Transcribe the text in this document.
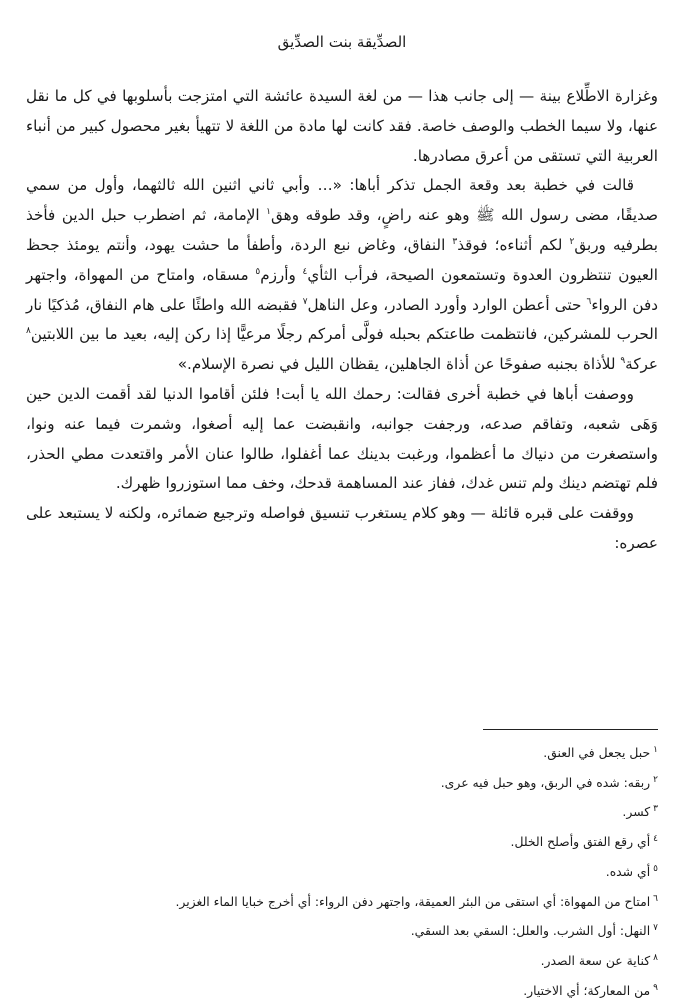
الصدِّيقة بنت الصدِّيق

وغزارة الاطِّلاع بينة — إلى جانب هذا — من لغة السيدة عائشة التي امتزجت بأسلوبها في كل ما نقل عنها، ولا سيما الخطب والوصف خاصة. فقد كانت لها مادة من اللغة لا تتهيأ بغير محصول كبير من أنباء العربية التي تستقى من أعرق مصادرها.

قالت في خطبة بعد وقعة الجمل تذكر أباها: «… وأبي ثاني اثنين الله ثالثهما، وأول من سمي صديقًا، مضى رسول الله ﷺ وهو عنه راضٍ، وقد طوقه وهق$^١$ الإمامة، ثم اضطرب حبل الدين فأخذ بطرفيه وربق$^٢$ لكم أثناءه؛ فوقذ$^٣$ النفاق، وغاض نبع الردة، وأطفأ ما حشت يهود، وأنتم يومئذ جحظ العيون تنتظرون العدوة وتستمعون الصيحة، فرأب الثأي$^٤$ وأرزم$^٥$ مسقاه، وامتاح من المهواة، واجتهر دفن الرواء$^٦$ حتى أعطن الوارد وأورد الصادر، وعل الناهل$^٧$ فقبضه الله واطئًا على هام النفاق، مُذكيًا نار الحرب للمشركين، فانتظمت طاعتكم بحبله فولَّى أمركم رجلًا مرعيًّا إذا ركن إليه، بعيد ما بين اللابتين$^٨$ عركة$^٩$ للأذاة بجنبه صفوحًا عن أذاة الجاهلين، يقظان الليل في نصرة الإسلام.»

ووصفت أباها في خطبة أخرى فقالت: رحمك الله يا أبت! فلئن أقاموا الدنيا لقد أقمت الدين حين وَهَى شعبه، وتفاقم صدعه، ورجفت جوانبه، وانقبضت عما إليه أصغوا، وشمرت فيما عنه ونوا، واستصغرت من دنياك ما أعظموا، ورغبت بدينك عما أغفلوا، طالوا عنان الأمر واقتعدت مطي الحذر، فلم تهتضم دينك ولم تنس غدك، ففاز عند المساهمة قدحك، وخف مما استوزروا ظهرك.

ووقفت على قبره قائلة — وهو كلام يستغرب تنسيق فواصله وترجيع ضمائره، ولكنه لا يستبعد على عصره:

١حبل يجعل في العنق.
٢ربقه: شده في الربق، وهو حبل فيه عرى.
٣كسر.
٤أي رقع الفتق وأصلح الخلل.
٥أي شده.
٦امتاح من المهواة: أي استقى من البئر العميقة، واجتهر دفن الرواء: أي أخرج خبايا الماء الغزير.
٧النهل: أول الشرب. والعلل: السقي بعد السقي.
٨كناية عن سعة الصدر.
٩من المعاركة؛ أي الاختيار.
